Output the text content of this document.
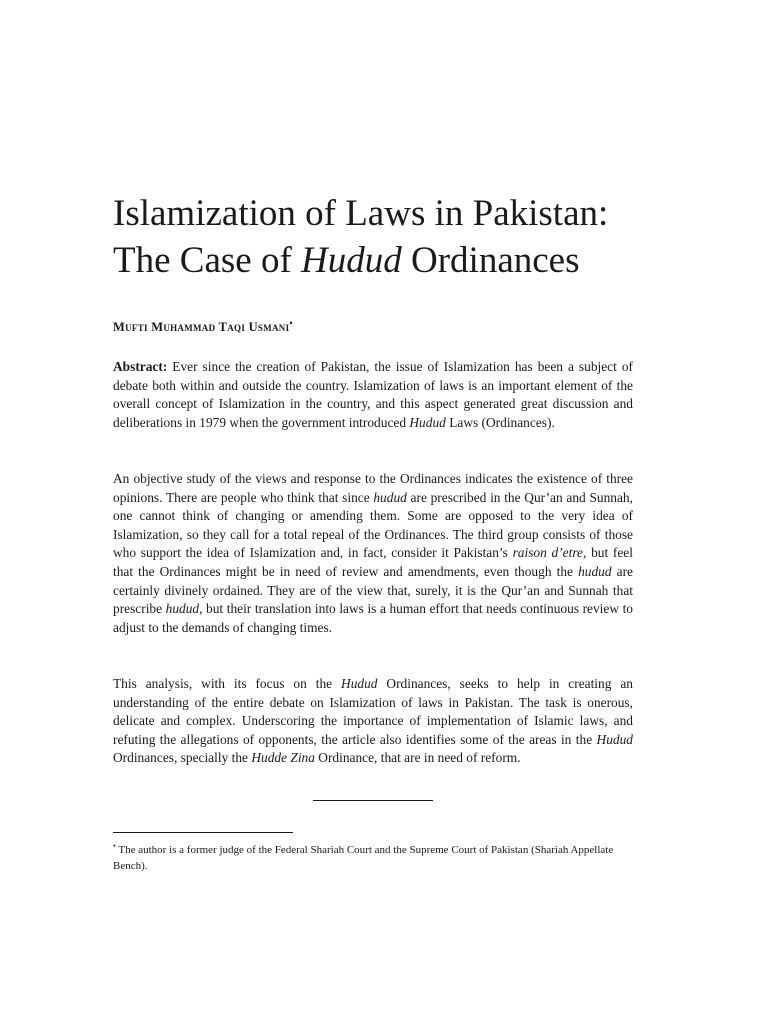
Islamization of Laws in Pakistan:
The Case of Hudud Ordinances
Mufti Muhammad Taqi Usmani•

Abstract: Ever since the creation of Pakistan, the issue of Islamization has been a subject of debate both within and outside the country. Islamization of laws is an important element of the overall concept of Islamization in the country, and this aspect generated great discussion and deliberations in 1979 when the government introduced Hudud Laws (Ordinances).

An objective study of the views and response to the Ordinances indicates the existence of three opinions. There are people who think that since hudud are prescribed in the Qur’an and Sunnah, one cannot think of changing or amending them. Some are opposed to the very idea of Islamization, so they call for a total repeal of the Ordinances. The third group consists of those who support the idea of Islamization and, in fact, consider it Pakistan’s raison d’etre, but feel that the Ordinances might be in need of review and amendments, even though the hudud are certainly divinely ordained. They are of the view that, surely, it is the Qur’an and Sunnah that prescribe hudud, but their translation into laws is a human effort that needs continuous review to adjust to the demands of changing times.

This analysis, with its focus on the Hudud Ordinances, seeks to help in creating an understanding of the entire debate on Islamization of laws in Pakistan. The task is onerous, delicate and complex. Underscoring the importance of implementation of Islamic laws, and refuting the allegations of opponents, the article also identifies some of the areas in the Hudud Ordinances, specially the Hudde Zina Ordinance, that are in need of reform.

• The author is a former judge of the Federal Shariah Court and the Supreme Court of Pakistan (Shariah Appellate Bench).
